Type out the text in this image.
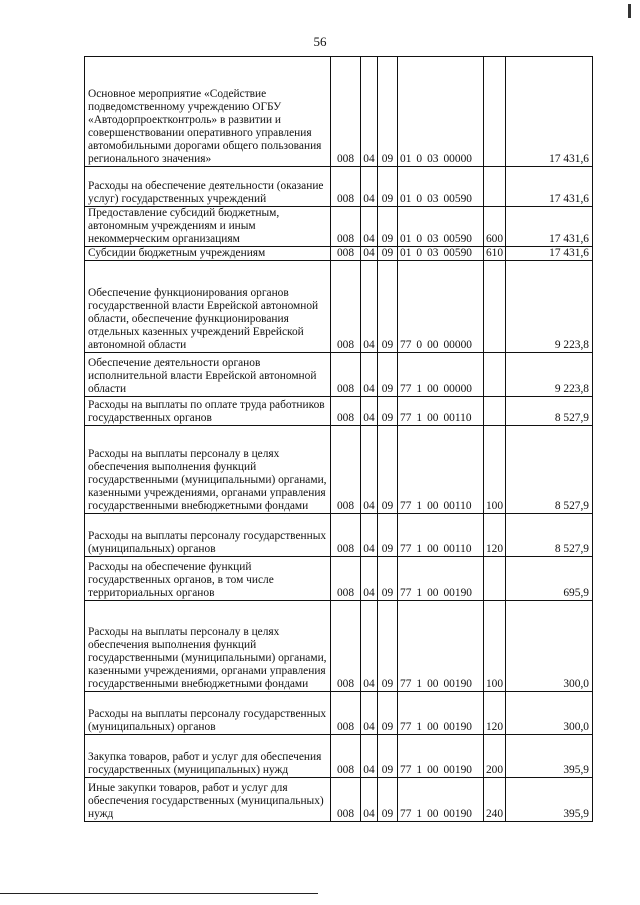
56
Основное мероприятие «Содействие подведомственному учреждению ОГБУ «Автодорпроектконтроль» в развитии и совершенствовании оперативного управления автомобильными дорогами общего пользования регионального значения»	008	04	09	01 0 03 00000		17 431,6
Расходы на обеспечение деятельности (оказание услуг) государственных учреждений	008	04	09	01 0 03 00590		17 431,6
Предоставление субсидий бюджетным, автономным учреждениям и иным некоммерческим организациям	008	04	09	01 0 03 00590	600	17 431,6
Субсидии бюджетным учреждениям	008	04	09	01 0 03 00590	610	17 431,6
Обеспечение функционирования органов государственной власти Еврейской автономной области, обеспечение функционирования отдельных казенных учреждений Еврейской автономной области	008	04	09	77 0 00 00000		9 223,8
Обеспечение деятельности органов исполнительной власти Еврейской автономной области	008	04	09	77 1 00 00000		9 223,8
Расходы на выплаты по оплате труда работников государственных органов	008	04	09	77 1 00 00110		8 527,9
Расходы на выплаты персоналу в целях обеспечения выполнения функций государственными (муниципальными) органами, казенными учреждениями, органами управления государственными внебюджетными фондами	008	04	09	77 1 00 00110	100	8 527,9
Расходы на выплаты персоналу государственных (муниципальных) органов	008	04	09	77 1 00 00110	120	8 527,9
Расходы на обеспечение функций государственных органов, в том числе территориальных органов	008	04	09	77 1 00 00190		695,9
Расходы на выплаты персоналу в целях обеспечения выполнения функций государственными (муниципальными) органами, казенными учреждениями, органами управления государственными внебюджетными фондами	008	04	09	77 1 00 00190	100	300,0
Расходы на выплаты персоналу государственных (муниципальных) органов	008	04	09	77 1 00 00190	120	300,0
Закупка товаров, работ и услуг для обеспечения государственных (муниципальных) нужд	008	04	09	77 1 00 00190	200	395,9
Иные закупки товаров, работ и услуг для обеспечения государственных (муниципальных) нужд	008	04	09	77 1 00 00190	240	395,9
